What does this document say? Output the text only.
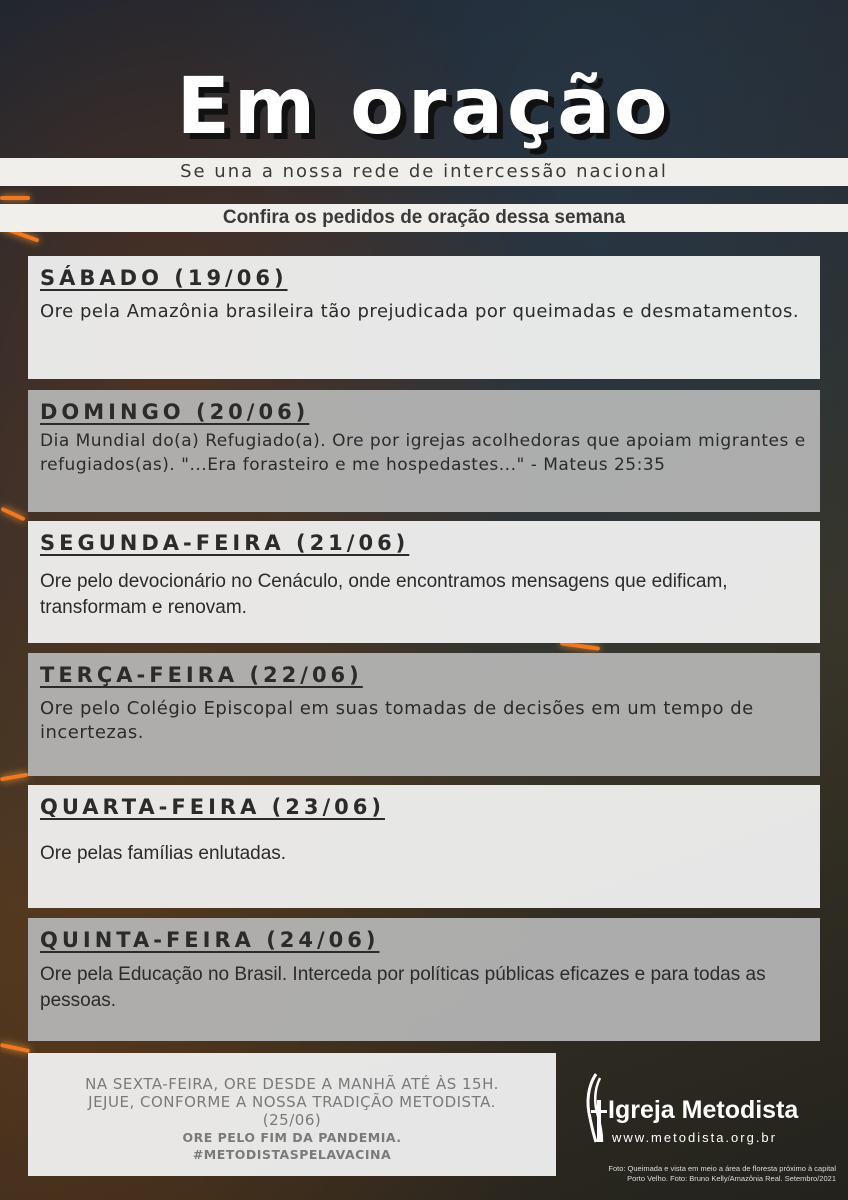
Em oração
Se una a nossa rede de intercessão nacional
Confira os pedidos de oração dessa semana
SÁBADO (19/06)

Ore pela Amazônia brasileira tão prejudicada por queimadas e desmatamentos.

DOMINGO (20/06)

Dia Mundial do(a) Refugiado(a). Ore por igrejas acolhedoras que apoiam migrantes e refugiados(as). "...Era forasteiro e me hospedastes..." - Mateus 25:35

SEGUNDA-FEIRA (21/06)

Ore pelo devocionário no Cenáculo, onde encontramos mensagens que edificam, transformam e renovam.

TERÇA-FEIRA (22/06)

Ore pelo Colégio Episcopal em suas tomadas de decisões em um tempo de incertezas.

QUARTA-FEIRA (23/06)

Ore pelas famílias enlutadas.

QUINTA-FEIRA (24/06)

Ore pela Educação no Brasil. Interceda por políticas públicas eficazes e para todas as pessoas.

NA SEXTA-FEIRA, ORE DESDE A MANHÃ ATÉ ÀS 15H.
JEJUE, CONFORME A NOSSA TRADIÇÃO METODISTA.
(25/06)
ORE PELO FIM DA PANDEMIA.
#METODISTASPELAVACINA
Igreja Metodista
www.metodista.org.br
Foto: Queimada e vista em meio a área de floresta próximo à capital
Porto Velho. Foto: Bruno Kelly/Amazônia Real. Setembro/2021
